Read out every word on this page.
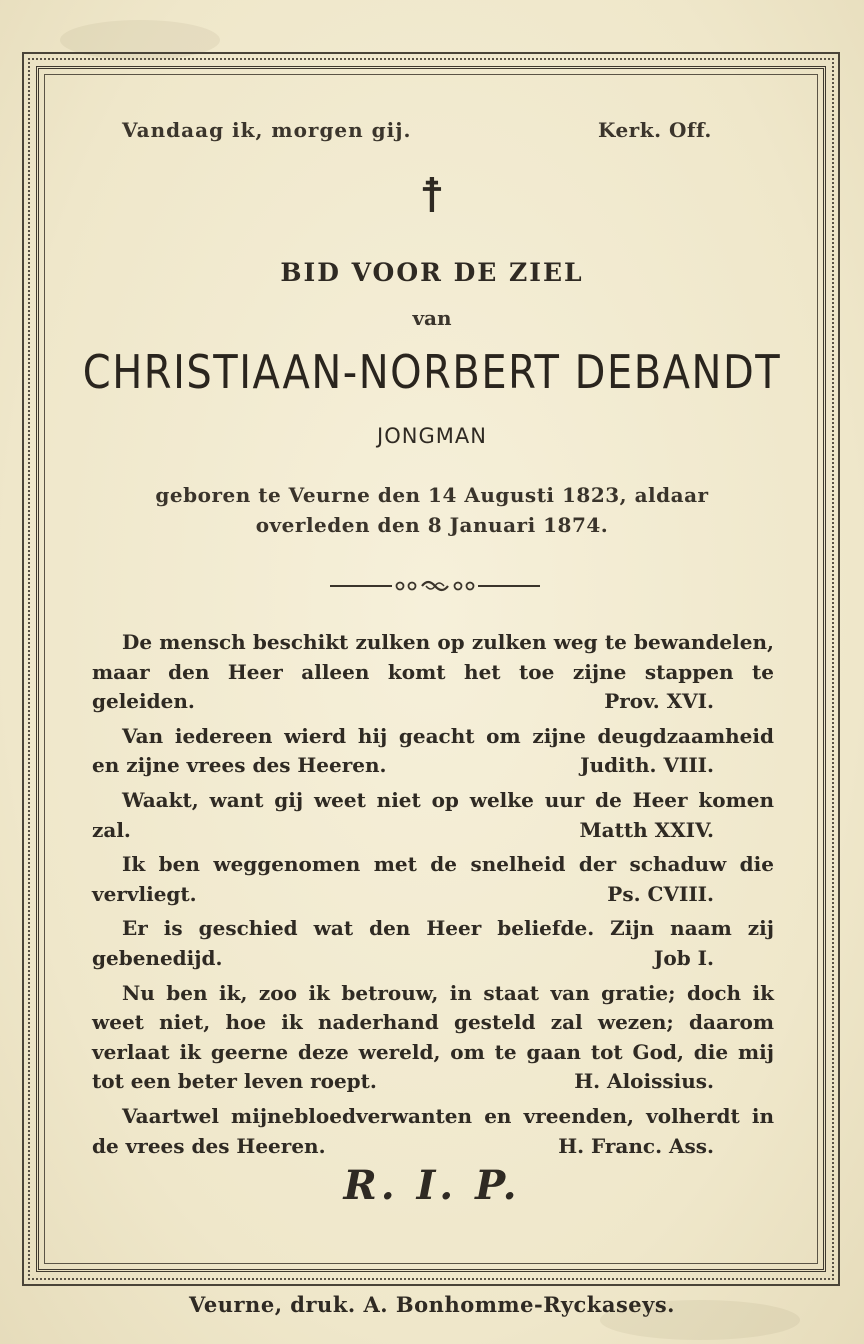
Vandaag ik, morgen gij.	Kerk. Off.
☨
BID VOOR DE ZIEL
van
CHRISTIAAN-NORBERT DEBANDT
JONGMAN
geboren te Veurne den 14 Augusti 1823, aldaar
overleden den 8 Januari 1874.

De mensch beschikt zulken op zulken weg te bewandelen, maar den Heer alleen komt het toe zijne stappen te geleiden.	Prov. XVI.

Van iedereen wierd hij geacht om zijne deugdzaamheid en zijne vrees des Heeren.	Judith. VIII.

Waakt, want gij weet niet op welke uur de Heer komen zal.	Matth XXIV.

Ik ben weggenomen met de snelheid der schaduw die vervliegt.	Ps. CVIII.

Er is geschied wat den Heer beliefde. Zijn naam zij gebenedijd.	Job I.

Nu ben ik, zoo ik betrouw, in staat van gratie; doch ik weet niet, hoe ik naderhand gesteld zal wezen; daarom verlaat ik geerne deze wereld, om te gaan tot God, die mij tot een beter leven roept.	H. Aloissius.

Vaartwel mijnebloedverwanten en vreenden, volherdt in de vrees des Heeren.	H. Franc. Ass.

R. I. P.
Veurne, druk. A. Bonhomme-Ryckaseys.
